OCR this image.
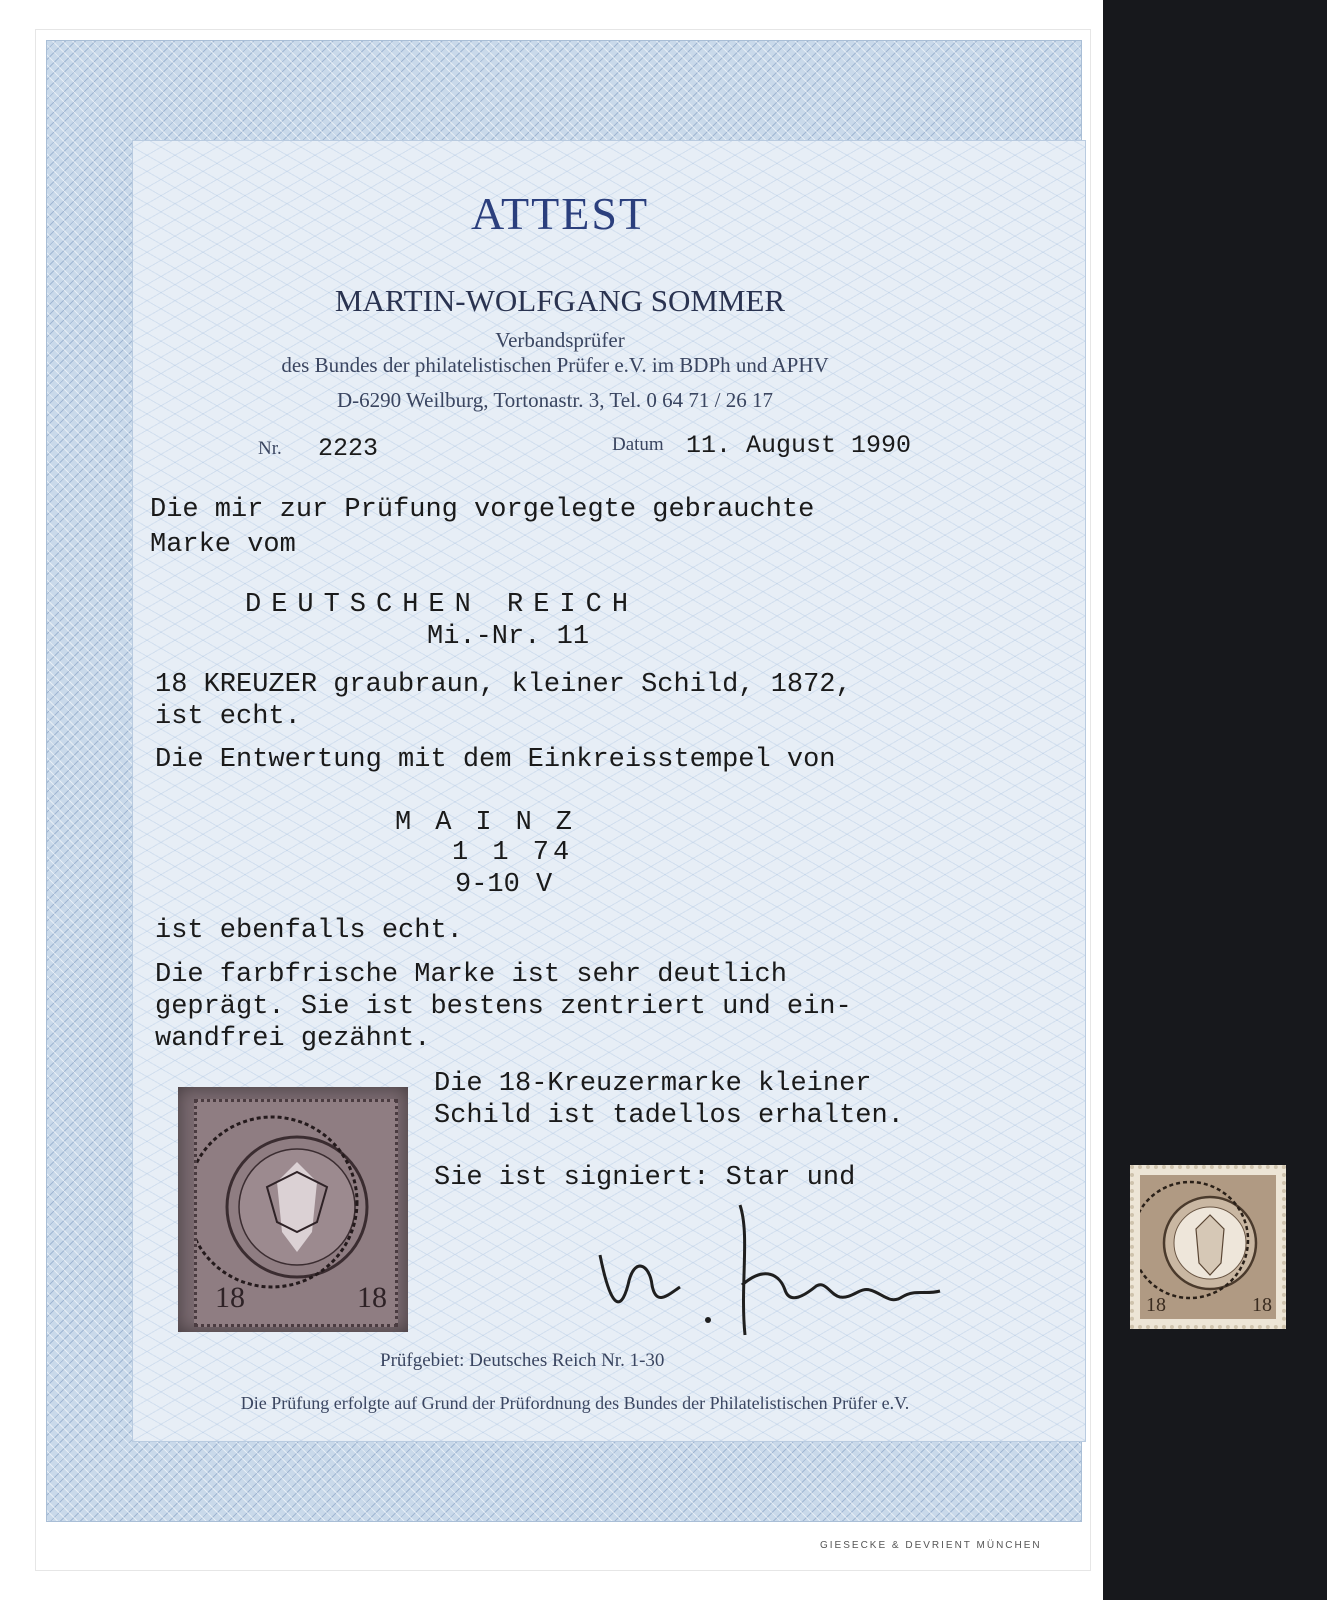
ATTEST
MARTIN-WOLFGANG SOMMER
Verbandsprüfer
des Bundes der philatelistischen Prüfer e.V. im BDPh und APHV
D-6290 Weilburg, Tortonastr. 3, Tel. 0 64 71 / 26 17
Nr. 2223	Datum 11. August 1990
Die mir zur Prüfung vorgelegte gebrauchte
Marke vom
DEUTSCHEN REICH
Mi.-Nr. 11
18 KREUZER graubraun, kleiner Schild, 1872,
ist echt.
Die Entwertung mit dem Einkreisstempel von
MAINZ
1 1 74
9-10 V
ist ebenfalls echt.
Die farbfrische Marke ist sehr deutlich
geprägt. Sie ist bestens zentriert und ein-
wandfrei gezähnt.
Die 18-Kreuzermarke kleiner
Schild ist tadellos erhalten.
Sie ist signiert: Star und
18	18	18	18
Prüfgebiet: Deutsches Reich Nr. 1-30
Die Prüfung erfolgte auf Grund der Prüfordnung des Bundes der Philatelistischen Prüfer e.V.
GIESECKE & DEVRIENT MÜNCHEN
